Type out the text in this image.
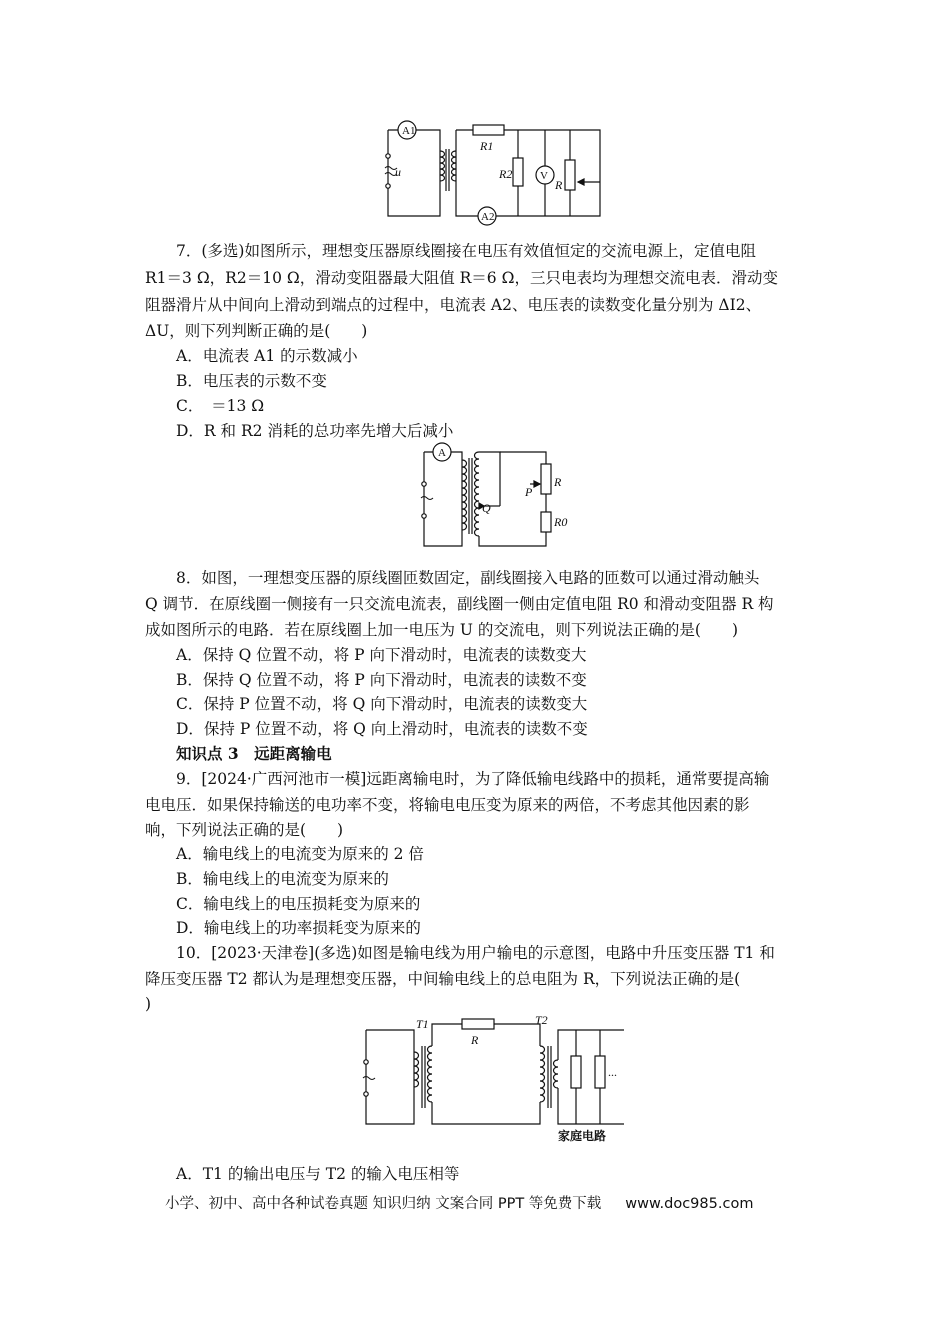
A1
u
R1
R2	V
R
A2
7．(多选)如图所示，理想变压器原线圈接在电压有效值恒定的交流电源上，定值电阻
R1＝3 Ω，R2＝10 Ω，滑动变阻器最大阻值 R＝6 Ω，三只电表均为理想交流电表．滑动变
阻器滑片从中间向上滑动到端点的过程中，电流表 A2、电压表的读数变化量分别为 ΔI2、
ΔU，则下列判断正确的是(　　)
A．电流表 A1 的示数减小
B．电压表的示数不变
C．　＝13 Ω
D．R 和 R2 消耗的总功率先增大后减小
A
P
R
Q
R0
8．如图，一理想变压器的原线圈匝数固定，副线圈接入电路的匝数可以通过滑动触头
Q 调节．在原线圈一侧接有一只交流电流表，副线圈一侧由定值电阻 R0 和滑动变阻器 R 构
成如图所示的电路．若在原线圈上加一电压为 U 的交流电，则下列说法正确的是(　　)
A．保持 Q 位置不动，将 P 向下滑动时，电流表的读数变大
B．保持 Q 位置不动，将 P 向下滑动时，电流表的读数不变
C．保持 P 位置不动，将 Q 向下滑动时，电流表的读数变大
D．保持 P 位置不动，将 Q 向上滑动时，电流表的读数不变
知识点 3　远距离输电
9．[2024·广西河池市一模]远距离输电时，为了降低输电线路中的损耗，通常要提高输
电电压．如果保持输送的电功率不变，将输电电压变为原来的两倍，不考虑其他因素的影
响，下列说法正确的是(　　)
A．输电线上的电流变为原来的 2 倍
B．输电线上的电流变为原来的
C．输电线上的电压损耗变为原来的
D．输电线上的功率损耗变为原来的
10．[2023·天津卷](多选)如图是输电线为用户输电的示意图，电路中升压变压器 T1 和
降压变压器 T2 都认为是理想变压器，中间输电线上的总电阻为 R，下列说法正确的是(
)
T1
R
T2
...
家庭电路
A．T1 的输出电压与 T2 的输入电压相等
小学、初中、高中各种试卷真题 知识归纳 文案合同 PPT 等免费下载 www.doc985.com
